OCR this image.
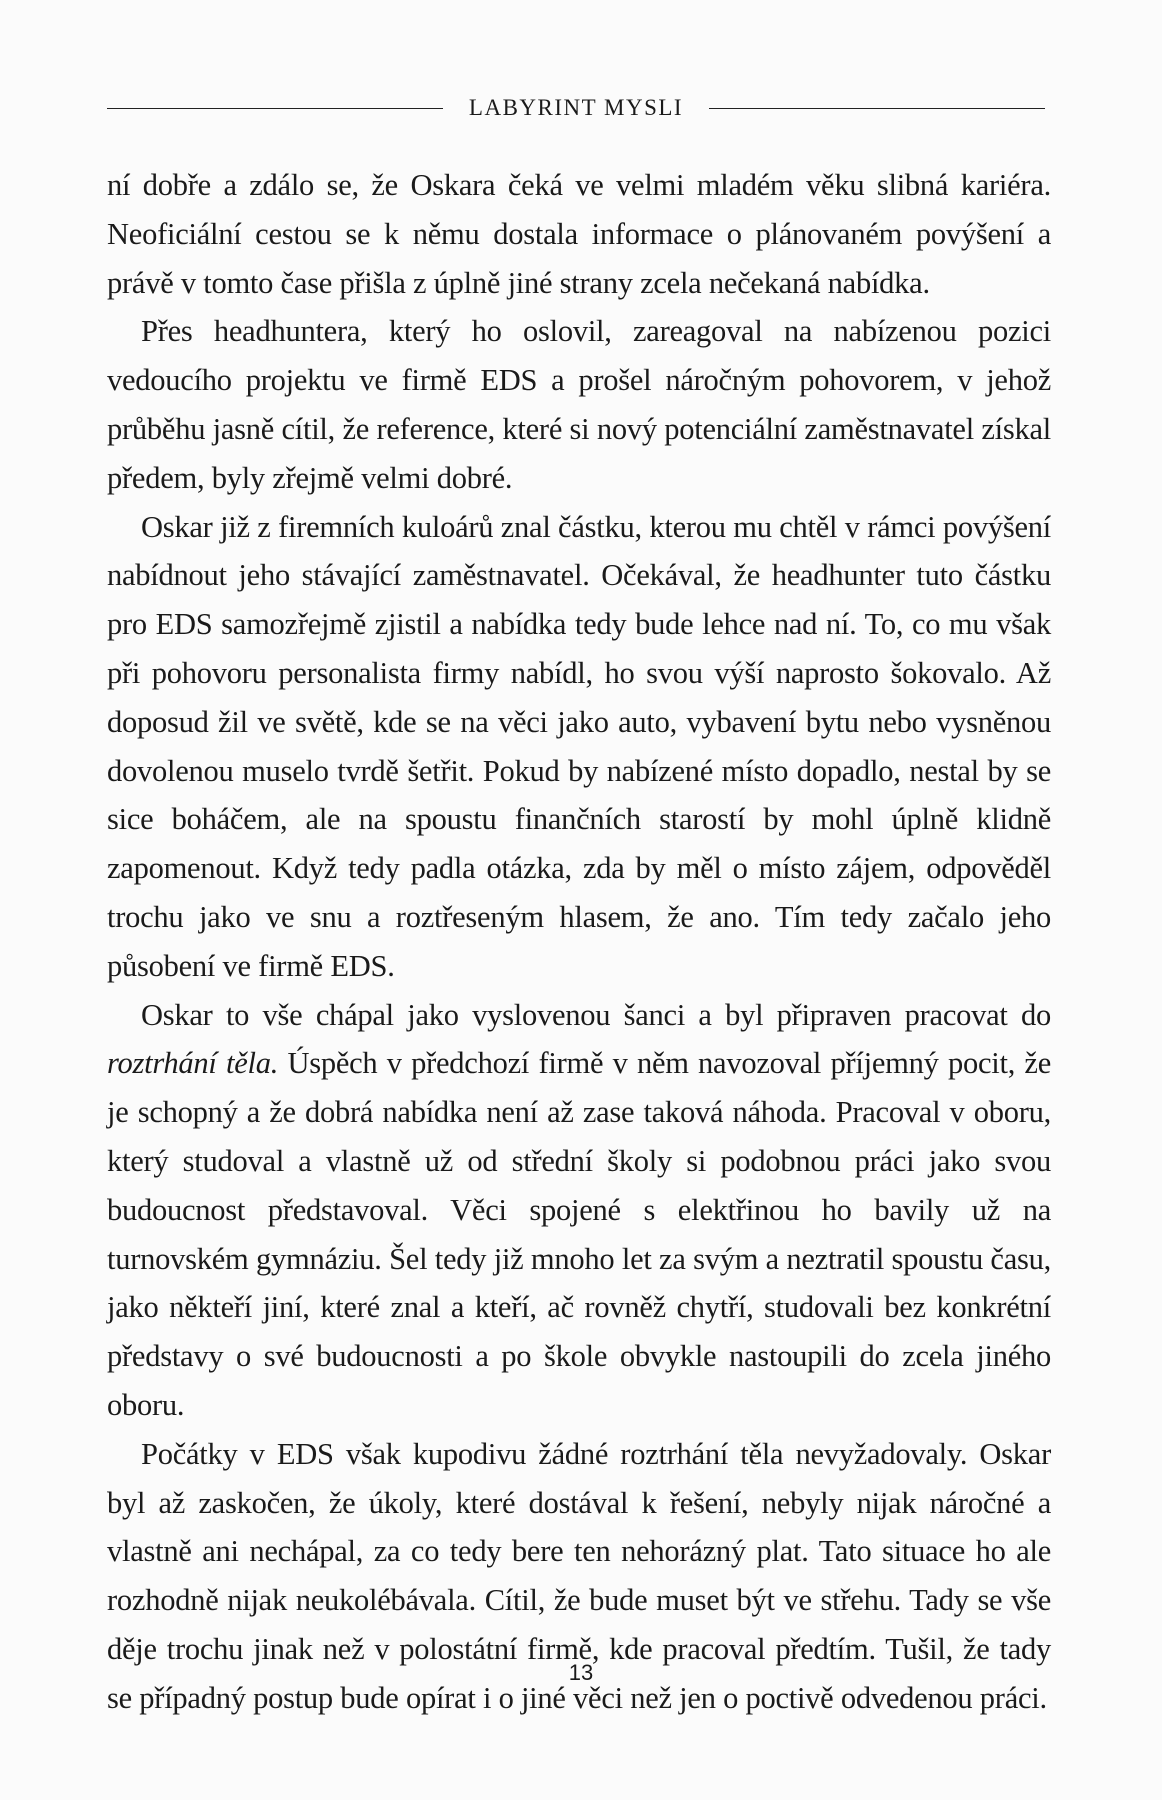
LABYRINT MYSLI

ní dobře a zdálo se, že Oskara čeká ve velmi mladém věku slibná kariéra. Neoficiální cestou se k němu dostala informace o plánovaném povýšení a právě v tomto čase přišla z úplně jiné strany zcela nečekaná nabídka.

Přes headhuntera, který ho oslovil, zareagoval na nabízenou pozici vedoucího projektu ve firmě EDS a prošel náročným pohovorem, v jehož průběhu jasně cítil, že reference, které si nový potenciální zaměstnavatel získal předem, byly zřejmě velmi dobré.

Oskar již z firemních kuloárů znal částku, kterou mu chtěl v rámci povýšení nabídnout jeho stávající zaměstnavatel. Očekával, že headhunter tuto částku pro EDS samozřejmě zjistil a nabídka tedy bude lehce nad ní. To, co mu však při pohovoru personalista firmy nabídl, ho svou výší naprosto šokovalo. Až doposud žil ve světě, kde se na věci jako auto, vybavení bytu nebo vysněnou dovolenou muselo tvrdě šetřit. Pokud by nabízené místo dopadlo, nestal by se sice boháčem, ale na spoustu finančních starostí by mohl úplně klidně zapomenout. Když tedy padla otázka, zda by měl o místo zájem, odpověděl trochu jako ve snu a roztřeseným hlasem, že ano. Tím tedy začalo jeho působení ve firmě EDS.

Oskar to vše chápal jako vyslovenou šanci a byl připraven pracovat do roztrhání těla. Úspěch v předchozí firmě v něm navozoval příjemný pocit, že je schopný a že dobrá nabídka není až zase taková náhoda. Pracoval v oboru, který studoval a vlastně už od střední školy si podobnou práci jako svou budoucnost představoval. Věci spojené s elektřinou ho bavily už na turnovském gymnáziu. Šel tedy již mnoho let za svým a neztratil spoustu času, jako někteří jiní, které znal a kteří, ač rovněž chytří, studovali bez konkrétní představy o své budoucnosti a po škole obvykle nastoupili do zcela jiného oboru.

Počátky v EDS však kupodivu žádné roztrhání těla nevyžadovaly. Oskar byl až zaskočen, že úkoly, které dostával k řešení, nebyly nijak náročné a vlastně ani nechápal, za co tedy bere ten nehorázný plat. Tato situace ho ale rozhodně nijak neukolébávala. Cítil, že bude muset být ve střehu. Tady se vše děje trochu jinak než v polostátní firmě, kde pracoval předtím. Tušil, že tady se případný postup bude opírat i o jiné věci než jen o poctivě odvedenou práci.

13
